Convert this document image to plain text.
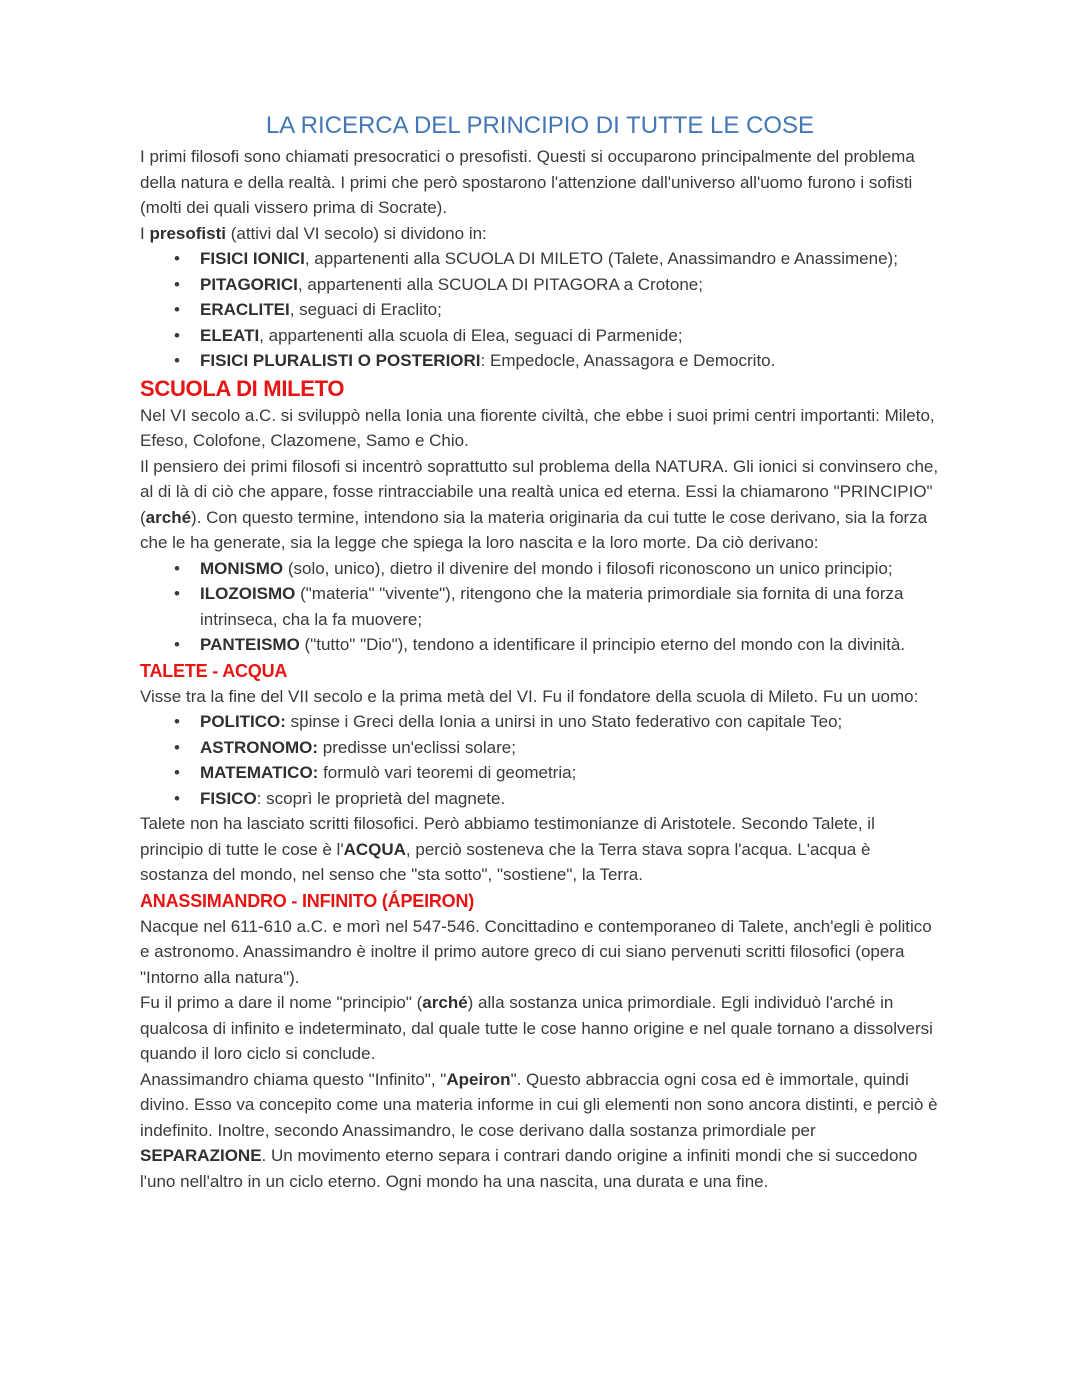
LA RICERCA DEL PRINCIPIO DI TUTTE LE COSE

I primi filosofi sono chiamati presocratici o presofisti. Questi si occuparono principalmente del problema della natura e della realtà. I primi che però spostarono l'attenzione dall'universo all'uomo furono i sofisti (molti dei quali vissero prima di Socrate).

I presofisti (attivi dal VI secolo) si dividono in:

• FISICI IONICI, appartenenti alla SCUOLA DI MILETO (Talete, Anassimandro e Anassimene);
• PITAGORICI, appartenenti alla SCUOLA DI PITAGORA a Crotone;
• ERACLITEI, seguaci di Eraclito;
• ELEATI, appartenenti alla scuola di Elea, seguaci di Parmenide;
• FISICI PLURALISTI O POSTERIORI: Empedocle, Anassagora e Democrito.
SCUOLA DI MILETO

Nel VI secolo a.C. si sviluppò nella Ionia una fiorente civiltà, che ebbe i suoi primi centri importanti: Mileto, Efeso, Colofone, Clazomene, Samo e Chio.

Il pensiero dei primi filosofi si incentrò soprattutto sul problema della NATURA. Gli ionici si convinsero che, al di là di ciò che appare, fosse rintracciabile una realtà unica ed eterna. Essi la chiamarono "PRINCIPIO" (arché). Con questo termine, intendono sia la materia originaria da cui tutte le cose derivano, sia la forza che le ha generate, sia la legge che spiega la loro nascita e la loro morte. Da ciò derivano:

• MONISMO (solo, unico), dietro il divenire del mondo i filosofi riconoscono un unico principio;
• ILOZOISMO ("materia" "vivente"), ritengono che la materia primordiale sia fornita di una forza intrinseca, cha la fa muovere;
• PANTEISMO ("tutto" "Dio"), tendono a identificare il principio eterno del mondo con la divinità.
TALETE - ACQUA

Visse tra la fine del VII secolo e la prima metà del VI. Fu il fondatore della scuola di Mileto. Fu un uomo:

• POLITICO: spinse i Greci della Ionia a unirsi in uno Stato federativo con capitale Teo;
• ASTRONOMO: predisse un'eclissi solare;
• MATEMATICO: formulò vari teoremi di geometria;
• FISICO: scoprì le proprietà del magnete.

Talete non ha lasciato scritti filosofici. Però abbiamo testimonianze di Aristotele. Secondo Talete, il principio di tutte le cose è l'ACQUA, perciò sosteneva che la Terra stava sopra l'acqua. L'acqua è sostanza del mondo, nel senso che "sta sotto", "sostiene", la Terra.

ANASSIMANDRO - INFINITO (ÁPEIRON)

Nacque nel 611-610 a.C. e morì nel 547-546. Concittadino e contemporaneo di Talete, anch'egli è politico e astronomo. Anassimandro è inoltre il primo autore greco di cui siano pervenuti scritti filosofici (opera "Intorno alla natura").

Fu il primo a dare il nome "principio" (arché) alla sostanza unica primordiale. Egli individuò l'arché in qualcosa di infinito e indeterminato, dal quale tutte le cose hanno origine e nel quale tornano a dissolversi quando il loro ciclo si conclude.

Anassimandro chiama questo "Infinito", "Apeiron". Questo abbraccia ogni cosa ed è immortale, quindi divino. Esso va concepito come una materia informe in cui gli elementi non sono ancora distinti, e perciò è indefinito. Inoltre, secondo Anassimandro, le cose derivano dalla sostanza primordiale per SEPARAZIONE. Un movimento eterno separa i contrari dando origine a infiniti mondi che si succedono l'uno nell'altro in un ciclo eterno. Ogni mondo ha una nascita, una durata e una fine.
